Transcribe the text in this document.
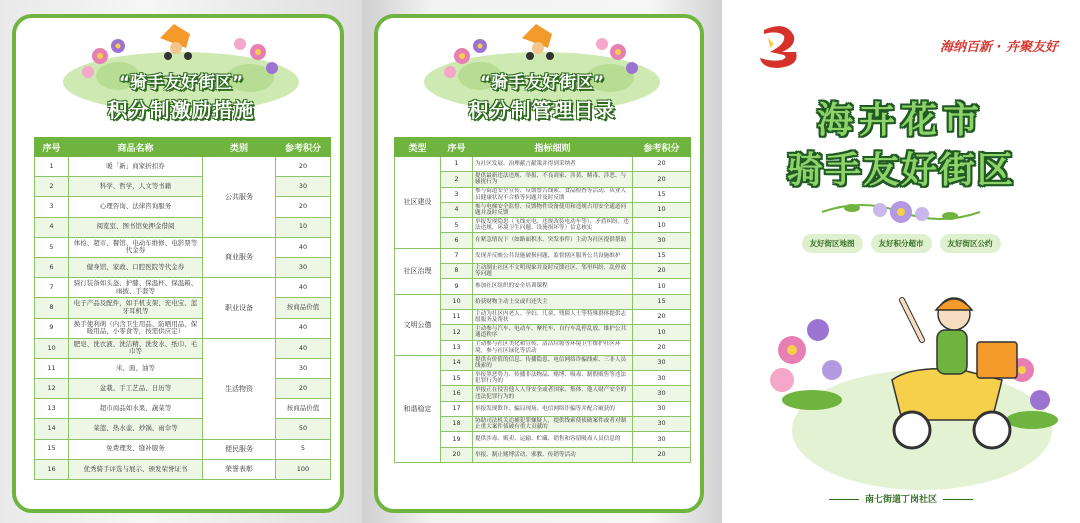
“骑手友好街区”
积分制激励措施
序号	商品名称	类别	参考积分
1	暖「新」商家折扣券	公共服务	20
2	科学、哲学、人文等书籍		30
3	心理咨询、法律咨询服务		20
4	阅览室、图书馆免押金借阅		10
5	体检、超市、餐馆、电动车维修、电影票等代金券	商业服务	40
6	健身馆、家政、口腔医院等代金券		30
7	骑行装备如头盔、护膝、保温杯、保温箱、雨披、手套等	职业设备	40
8	电子产品及配件，如手机支架、充电宝、蓝牙耳机等		按商品价值
9	换手使利萌（内含卫生用品、防晒用品、保暖用品、小零食等，按需供应定）		40
10	肥皂、洗衣液、洗洁精、洗发水、纸巾、毛巾等	生活物资	40
11	米、面、油等		30
12	盆栽、手工艺品、日历等		20
13	超市商品如水果、蔬菜等		按商品价值
14	菜篮、热水壶、炒锅、雨伞等		50
15	免费理发、缝补服务	便民服务	5
16	优秀骑手评选与展示、颁发荣誉证书	荣誉表彰	100
“骑手友好街区”
积分制管理目录
类型	序号	指标细则	参考积分
社区建设	1	为社区发展、治理献言献策并得到采纳者	20
	2	提供最新违法违规、举报、不良商家、涉黄、赌毒、涉恶、与骚扰行为	20
	3	参与街道安全宣传、反馈警告线索、食品检查等活动、从业人员健康状况不合格等问题并及时反馈	15
	4	参与电梯安全监督、反馈物件设备使用和违规占用安全通道问题并及时反馈	10
	5	举报发现隐患（飞线充电、违规改装电动车等）、矛盾纠纷、违法违规、环境卫生问题、设施损坏等）信息核实	10
	6	在紧急情况下（如路面积水、突发事件）主动为社区提供帮助	30
社区治理	7	发现并反映公共设施破损问题、监督辖区服务公共设施维护	15
	8	主动制止社区不文明现象并及时反馈社区、邻里纠纷、乱停放等问题	20
	9	参加社区组织的安全培训课程	10
文明公德	10	拾获财物主动上交或归还失主	15
	11	主动为社区内老人、孕妇、儿童、残障人士等特殊群体提供志愿服务及帮扶	20
	12	主动参与汽车、电动车、摩托车、自行车乱停乱放、维护公共通道秩序	10
	13	主动参与社区美化和宣传、清洁垃圾等环境卫生维护社区环境，参与社区绿化等活动	20
和谐稳定	14	提供有价值的信息、传播隐患、电信网络诈骗线索、三非人员线索的	30
	15	举报黑恶势力、传播非法物品、赌博、吸毒、制假贩售等违法犯罪行为的	30
	16	举报正在侵害他人人身安全或者国家、集体、他人财产安全的违法犯罪行为的	30
	17	举报发现欺诈、骗局现场、电信网络诈骗等并配合破获的	30
	18	协助司法机关追捕犯罪嫌疑人，提供线索使侦破案件或者对制止重大案件侦破有重大贡献的	30
	19	提供涉毒、贩卖、运输、贮藏、销售和容留吸毒人员信息的	30
	20	举报、制止赌博活动、邪教、传销等活动	20
海纳百新 · 卉聚友好
海卉花市
骑手友好街区
友好街区地图	友好积分超市	友好街区公约
南七街道丁岗社区
